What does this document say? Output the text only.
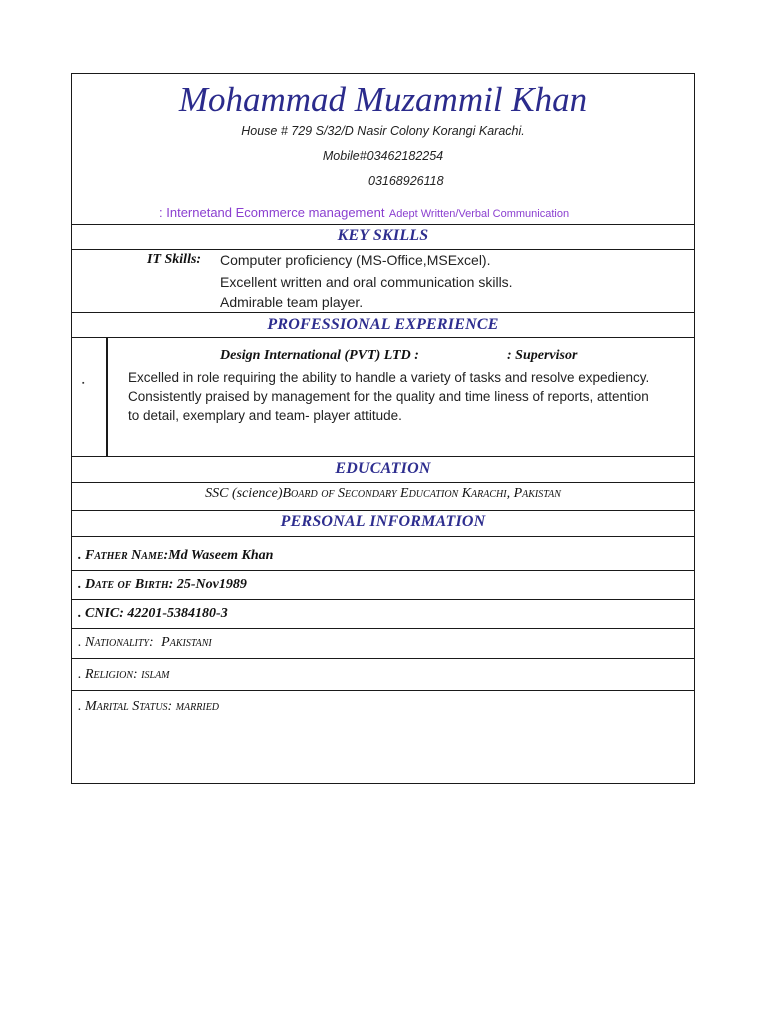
Mohammad Muzammil Khan
House # 729 S/32/D Nasir Colony Korangi Karachi.
Mobile#03462182254
03168926118
: Internetand Ecommerce management Adept Written/Verbal Communication
KEY SKILLS
IT Skills: Computer proficiency (MS-Office,MSExcel).
Excellent written and oral communication skills.
Admirable team player.
PROFESSIONAL EXPERIENCE
▪
Design International (PVT) LTD :	: Supervisor
Excelled in role requiring the ability to handle a variety of tasks and resolve expediency.
Consistently praised by management for the quality and time liness of reports, attention
to detail, exemplary and team- player attitude.
EDUCATION
SSC (science)Board of Secondary Education Karachi, Pakistan
PERSONAL INFORMATION
. Father Name:Md Waseem Khan
. Date of Birth: 25-Nov1989
. CNIC: 42201-5384180-3
. Nationality: Pakistani
. Religion: islam
. Marital Status: married
